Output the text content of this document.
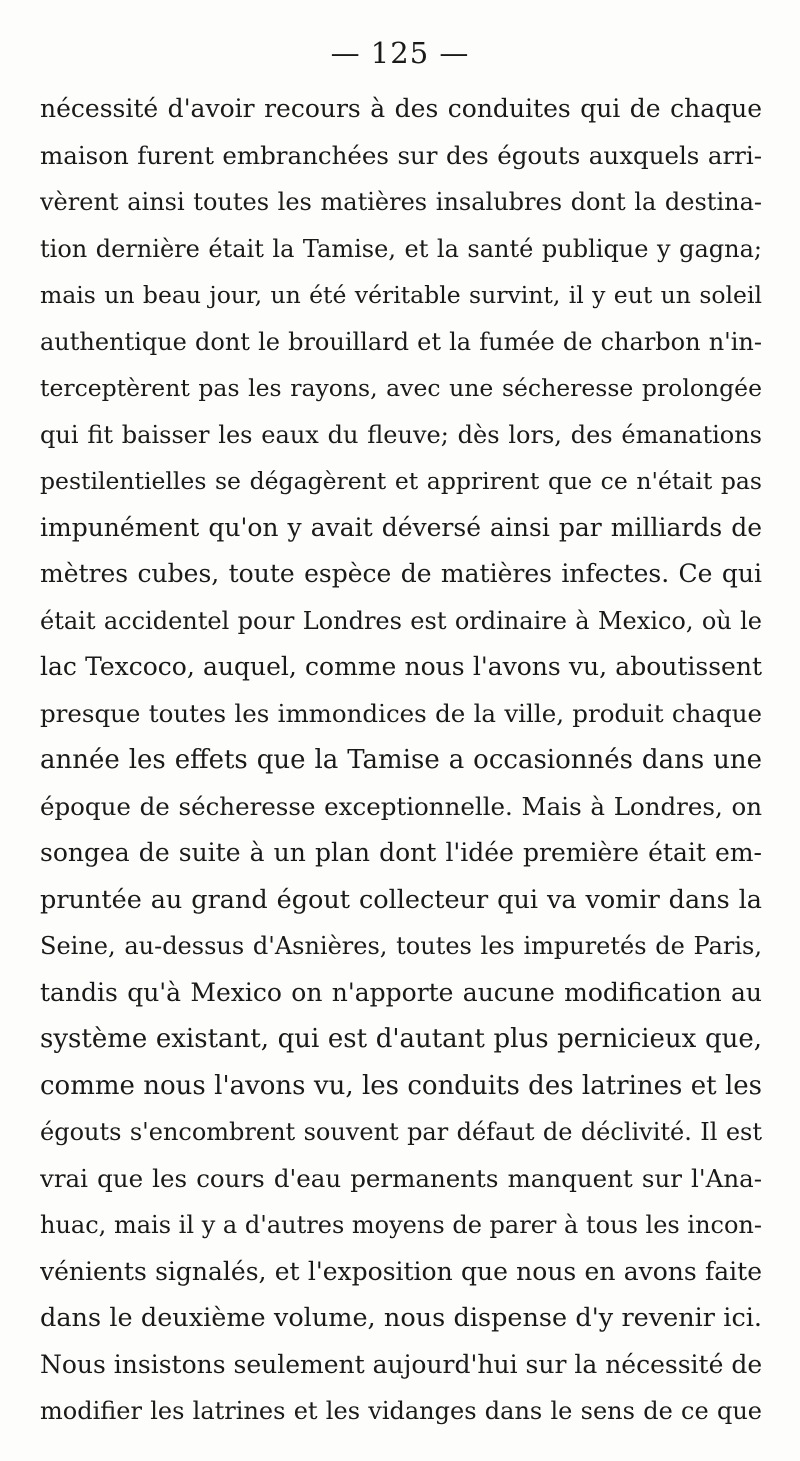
— 125 —
nécessité d'avoir recours à des conduites qui de chaque
maison furent embranchées sur des égouts auxquels arri-
vèrent ainsi toutes les matières insalubres dont la destina-
tion dernière était la Tamise, et la santé publique y gagna;
mais un beau jour, un été véritable survint, il y eut un soleil
authentique dont le brouillard et la fumée de charbon n'in-
terceptèrent pas les rayons, avec une sécheresse prolongée
qui fit baisser les eaux du fleuve; dès lors, des émanations
pestilentielles se dégagèrent et apprirent que ce n'était pas
impunément qu'on y avait déversé ainsi par milliards de
mètres cubes, toute espèce de matières infectes. Ce qui
était accidentel pour Londres est ordinaire à Mexico, où le
lac Texcoco, auquel, comme nous l'avons vu, aboutissent
presque toutes les immondices de la ville, produit chaque
année les effets que la Tamise a occasionnés dans une
époque de sécheresse exceptionnelle. Mais à Londres, on
songea de suite à un plan dont l'idée première était em-
pruntée au grand égout collecteur qui va vomir dans la
Seine, au-dessus d'Asnières, toutes les impuretés de Paris,
tandis qu'à Mexico on n'apporte aucune modification au
système existant, qui est d'autant plus pernicieux que,
comme nous l'avons vu, les conduits des latrines et les
égouts s'encombrent souvent par défaut de déclivité. Il est
vrai que les cours d'eau permanents manquent sur l'Ana-
huac, mais il y a d'autres moyens de parer à tous les incon-
vénients signalés, et l'exposition que nous en avons faite
dans le deuxième volume, nous dispense d'y revenir ici.
Nous insistons seulement aujourd'hui sur la nécessité de
modifier les latrines et les vidanges dans le sens de ce que
